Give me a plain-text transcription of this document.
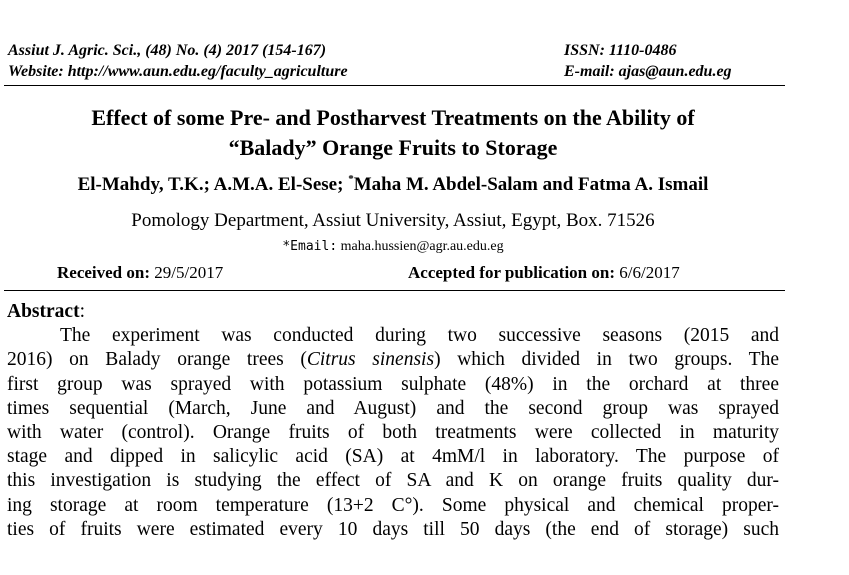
Assiut J. Agric. Sci., (48) No. (4) 2017 (154-167)	ISSN: 1110-0486
Website: http://www.aun.edu.eg/faculty_agriculture	E-mail: ajas@aun.edu.eg
Effect of some Pre- and Postharvest Treatments on the Ability of
“Balady” Orange Fruits to Storage
El-Mahdy, T.K.; A.M.A. El-Sese; *Maha M. Abdel-Salam and Fatma A. Ismail
Pomology Department, Assiut University, Assiut, Egypt, Box. 71526
*Email: maha.hussien@agr.au.edu.eg
Received on: 29/5/2017	Accepted for publication on: 6/6/2017
Abstract:
The experiment was conducted during two successive seasons (2015 and
2016) on Balady orange trees (Citrus sinensis) which divided in two groups. The
first group was sprayed with potassium sulphate (48%) in the orchard at three
times sequential (March, June and August) and the second group was sprayed
with water (control). Orange fruits of both treatments were collected in maturity
stage and dipped in salicylic acid (SA) at 4mM/l in laboratory. The purpose of
this investigation is studying the effect of SA and K on orange fruits quality dur-
ing storage at room temperature (13+2 C°). Some physical and chemical proper-
ties of fruits were estimated every 10 days till 50 days (the end of storage) such
